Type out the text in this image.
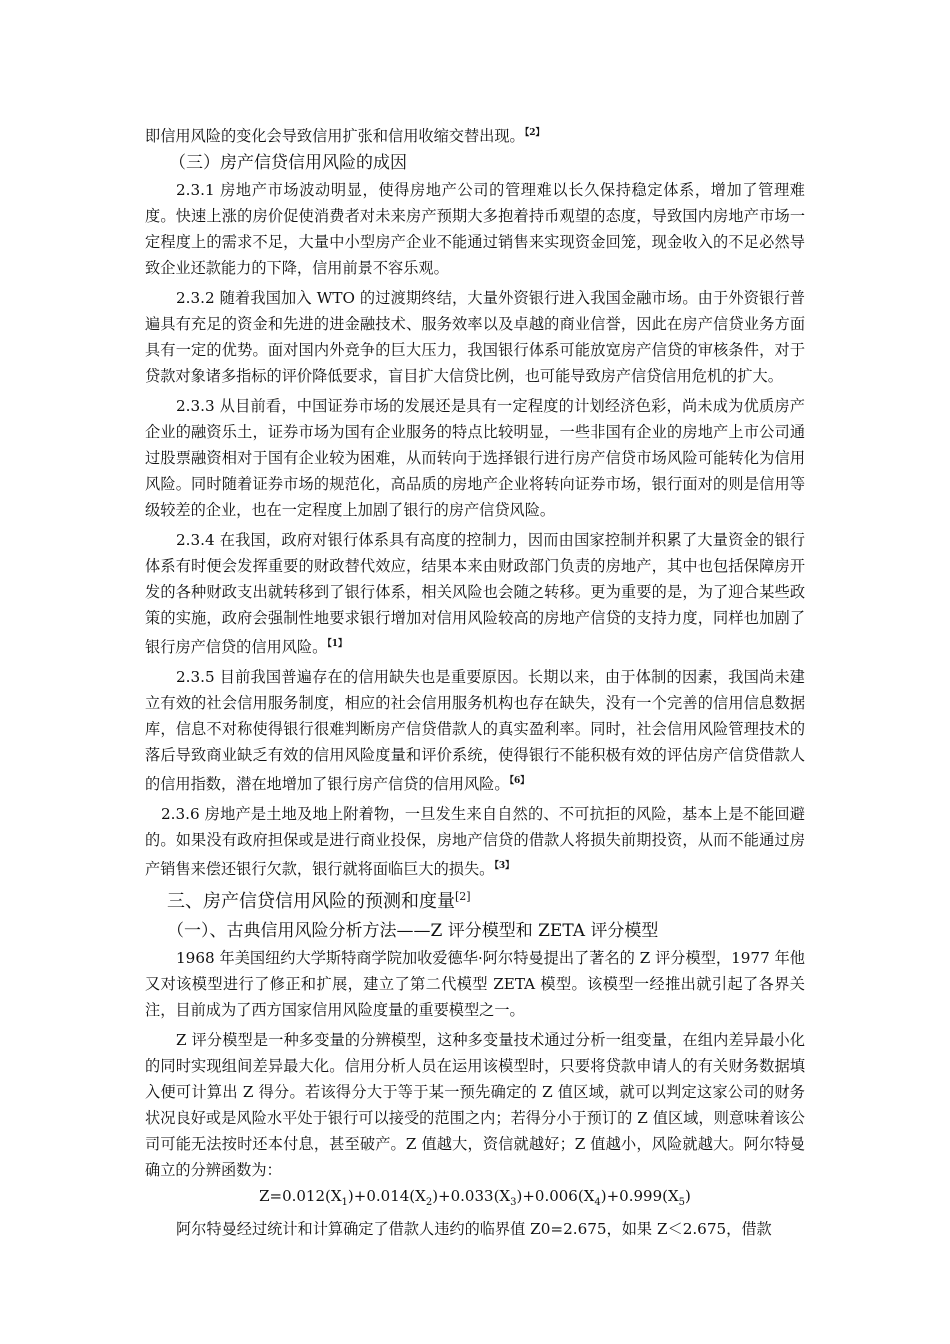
即信用风险的变化会导致信用扩张和信用收缩交替出现。$^{【2】}$

（三）房产信贷信用风险的成因

2.3.1 房地产市场波动明显，使得房地产公司的管理难以长久保持稳定体系，增加了管理难度。快速上涨的房价促使消费者对未来房产预期大多抱着持币观望的态度，导致国内房地产市场一定程度上的需求不足，大量中小型房产企业不能通过销售来实现资金回笼，现金收入的不足必然导致企业还款能力的下降，信用前景不容乐观。

2.3.2 随着我国加入 WTO 的过渡期终结，大量外资银行进入我国金融市场。由于外资银行普遍具有充足的资金和先进的进金融技术、服务效率以及卓越的商业信誉，因此在房产信贷业务方面具有一定的优势。面对国内外竞争的巨大压力，我国银行体系可能放宽房产信贷的审核条件，对于贷款对象诸多指标的评价降低要求，盲目扩大信贷比例，也可能导致房产信贷信用危机的扩大。

2.3.3 从目前看，中国证券市场的发展还是具有一定程度的计划经济色彩，尚未成为优质房产企业的融资乐土，证券市场为国有企业服务的特点比较明显，一些非国有企业的房地产上市公司通过股票融资相对于国有企业较为困难，从而转向于选择银行进行房产信贷市场风险可能转化为信用风险。同时随着证券市场的规范化，高品质的房地产企业将转向证券市场，银行面对的则是信用等级较差的企业，也在一定程度上加剧了银行的房产信贷风险。

2.3.4 在我国，政府对银行体系具有高度的控制力，因而由国家控制并积累了大量资金的银行体系有时便会发挥重要的财政替代效应，结果本来由财政部门负责的房地产，其中也包括保障房开发的各种财政支出就转移到了银行体系，相关风险也会随之转移。更为重要的是，为了迎合某些政策的实施，政府会强制性地要求银行增加对信用风险较高的房地产信贷的支持力度，同样也加剧了银行房产信贷的信用风险。$^{【1】}$

2.3.5 目前我国普遍存在的信用缺失也是重要原因。长期以来，由于体制的因素，我国尚未建立有效的社会信用服务制度，相应的社会信用服务机构也存在缺失，没有一个完善的信用信息数据库，信息不对称使得银行很难判断房产信贷借款人的真实盈利率。同时，社会信用风险管理技术的落后导致商业缺乏有效的信用风险度量和评价系统，使得银行不能积极有效的评估房产信贷借款人的信用指数，潜在地增加了银行房产信贷的信用风险。$^{【6】}$

2.3.6 房地产是土地及地上附着物，一旦发生来自自然的、不可抗拒的风险，基本上是不能回避的。如果没有政府担保或是进行商业投保，房地产信贷的借款人将损失前期投资，从而不能通过房产销售来偿还银行欠款，银行就将面临巨大的损失。$^{【3】}$

三、房产信贷信用风险的预测和度量[2]

（一）、古典信用风险分析方法——Z 评分模型和 ZETA 评分模型

1968 年美国纽约大学斯特商学院加收爱德华·阿尔特曼提出了著名的 Z 评分模型，1977 年他又对该模型进行了修正和扩展，建立了第二代模型 ZETA 模型。该模型一经推出就引起了各界关注，目前成为了西方国家信用风险度量的重要模型之一。

Z 评分模型是一种多变量的分辨模型，这种多变量技术通过分析一组变量，在组内差异最小化的同时实现组间差异最大化。信用分析人员在运用该模型时，只要将贷款申请人的有关财务数据填入便可计算出 Z 得分。若该得分大于等于某一预先确定的 Z 值区域，就可以判定这家公司的财务状况良好或是风险水平处于银行可以接受的范围之内；若得分小于预订的 Z 值区域，则意味着该公司可能无法按时还本付息，甚至破产。Z 值越大，资信就越好；Z 值越小，风险就越大。阿尔特曼确立的分辨函数为：

$Z=0.012(X_1)+0.014(X_2)+0.033(X_3)+0.006(X_4)+0.999(X_5)$

阿尔特曼经过统计和计算确定了借款人违约的临界值 Z0=2.675，如果 Z＜2.675，借款
